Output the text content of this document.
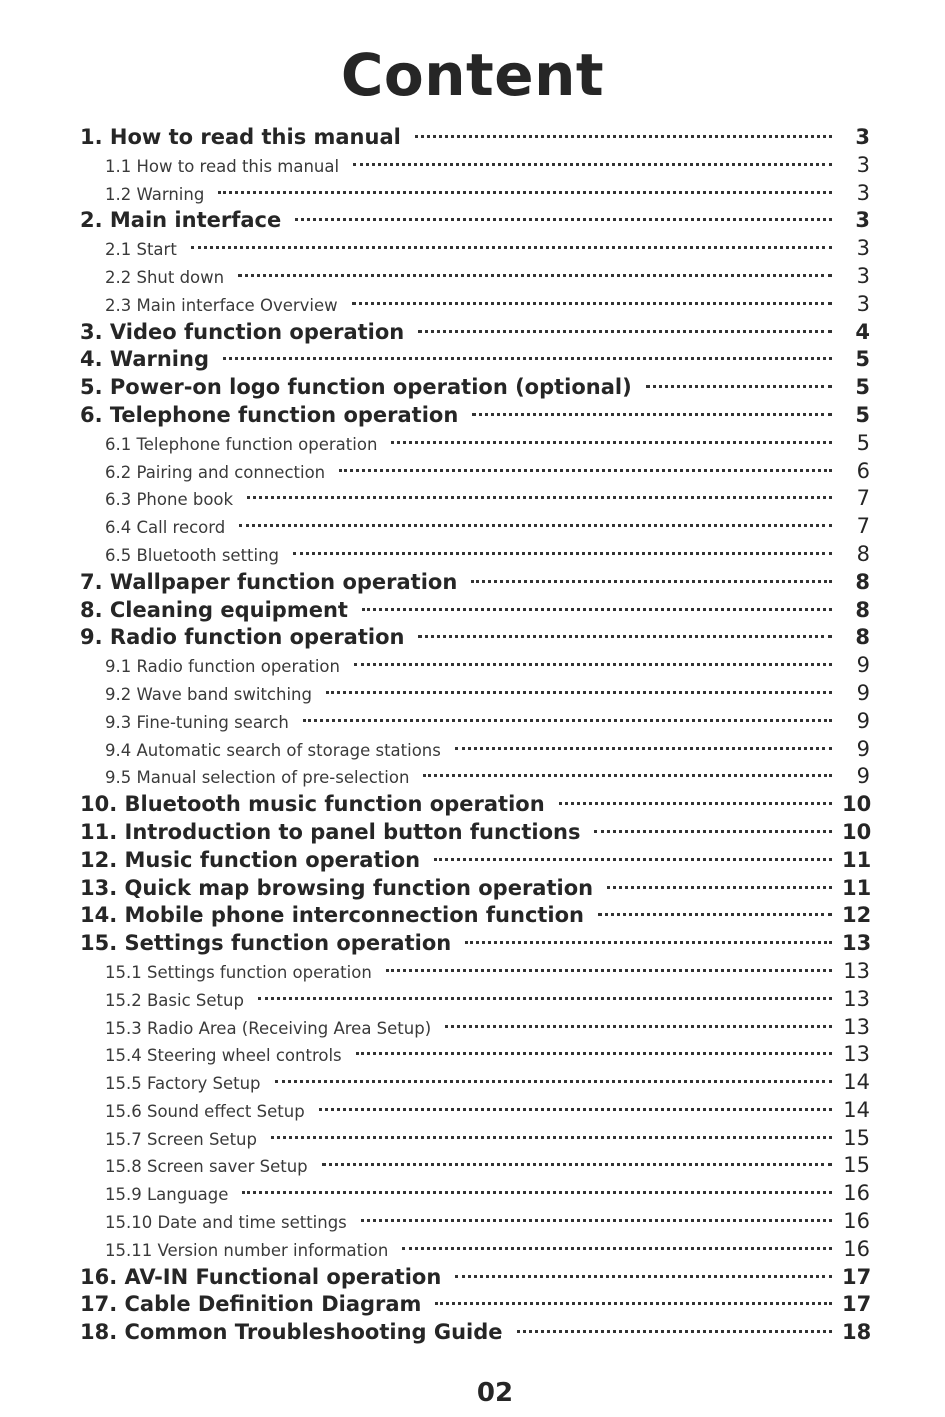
Content
1. How to read this manual	3
1.1 How to read this manual	3
1.2 Warning	3
2. Main interface	3
2.1 Start	3
2.2 Shut down	3
2.3 Main interface Overview	3
3. Video function operation	4
4. Warning	5
5. Power-on logo function operation (optional)	5
6. Telephone function operation	5
6.1 Telephone function operation	5
6.2 Pairing and connection	6
6.3 Phone book	7
6.4 Call record	7
6.5 Bluetooth setting	8
7. Wallpaper function operation	8
8. Cleaning equipment	8
9. Radio function operation	8
9.1 Radio function operation	9
9.2 Wave band switching	9
9.3 Fine-tuning search	9
9.4 Automatic search of storage stations	9
9.5 Manual selection of pre-selection	9
10. Bluetooth music function operation	10
11. Introduction to panel button functions	10
12. Music function operation	11
13. Quick map browsing function operation	11
14. Mobile phone interconnection function	12
15. Settings function operation	13
15.1 Settings function operation	13
15.2 Basic Setup	13
15.3 Radio Area (Receiving Area Setup)	13
15.4 Steering wheel controls	13
15.5 Factory Setup	14
15.6 Sound effect Setup	14
15.7 Screen Setup	15
15.8 Screen saver Setup	15
15.9 Language	16
15.10 Date and time settings	16
15.11 Version number information	16
16. AV-IN Functional operation	17
17. Cable Definition Diagram	17
18. Common Troubleshooting Guide	18
02
